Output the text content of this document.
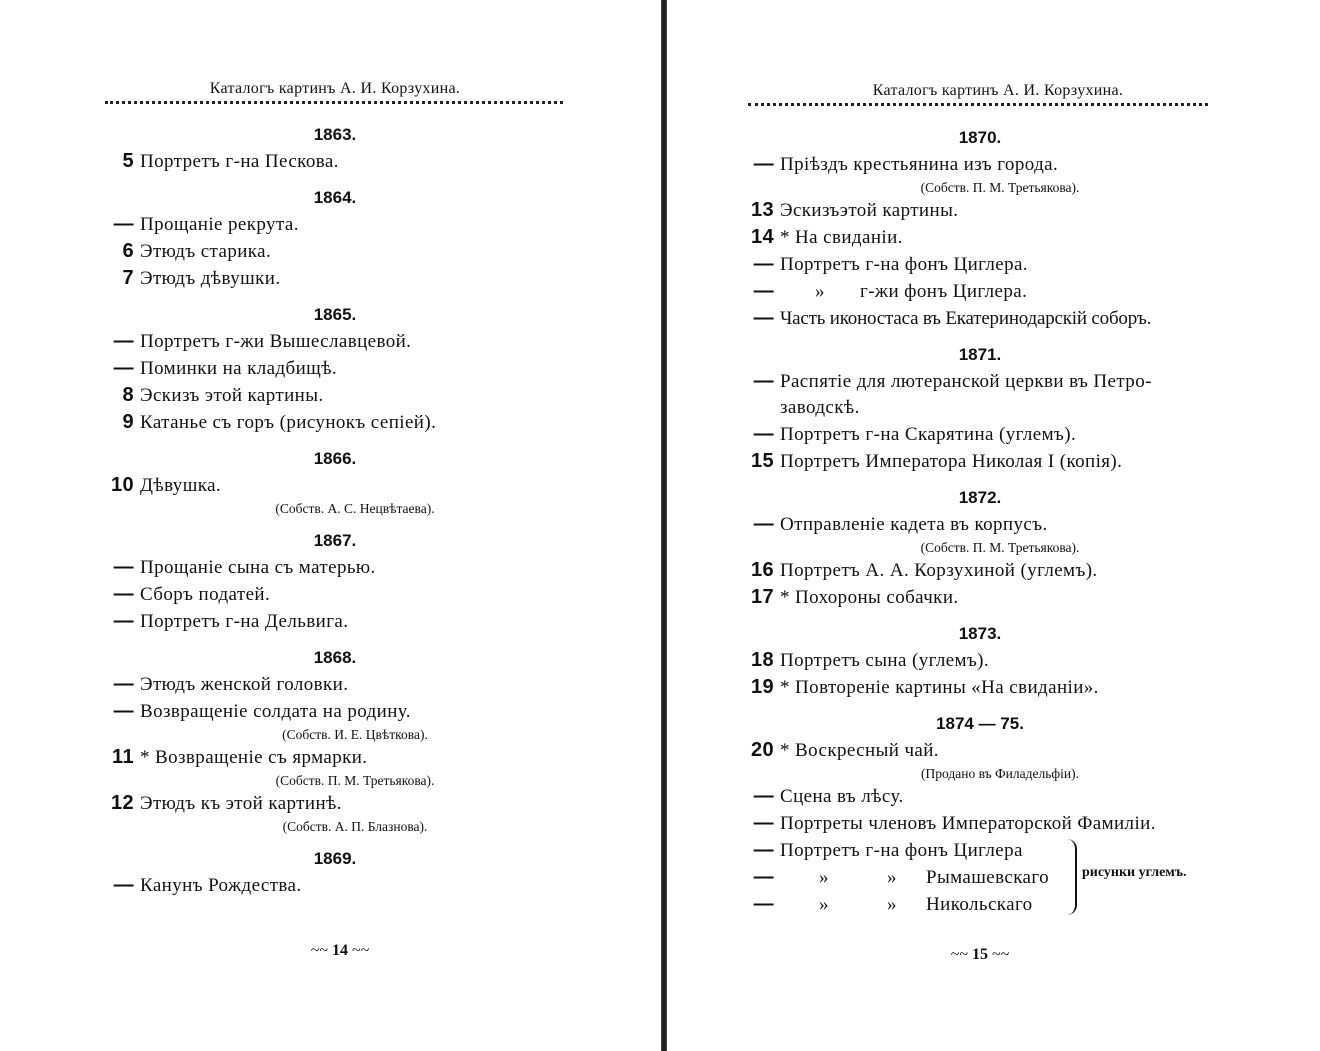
Каталогъ картинъ А. И. Корзухина.
1863.
5 Портретъ г-на Пескова.
1864.
— Прощаніе рекрута.
6 Этюдъ старика.
7 Этюдъ дѣвушки.
1865.
— Портретъ г-жи Вышеславцевой.
— Поминки на кладбищѣ.
8 Эскизъ этой картины.
9 Катанье съ горъ (рисунокъ сепіей).
1866.
10 Дѣвушка.
(Собств. А. С. Нецвѣтаева).
1867.
— Прощаніе сына съ матерью.
— Сборъ податей.
— Портретъ г-на Дельвига.
1868.
— Этюдъ женской головки.
— Возвращеніе солдата на родину.
(Собств. И. Е. Цвѣткова).
11 * Возвращеніе съ ярмарки.
(Собств. П. М. Третьякова).
12 Этюдъ къ этой картинѣ.
(Собств. А. П. Блазнова).
1869.
— Канунъ Рождества.
~~ 14 ~~
Каталогъ картинъ А. И. Корзухина.
1870.
— Пріѣздъ крестьянина изъ города.
(Собств. П. М. Третьякова).
13 Эскизъэтой картины.
14 * На свиданіи.
— Портретъ г-на фонъ Циглера.
—	» г-жи фонъ Циглера.
— Часть иконостаса въ Екатеринодарскій соборъ.
1871.
— Распятіе для лютеранской церкви въ Петро-
заводскѣ.
— Портретъ г-на Скарятина (углемъ).
15 Портретъ Императора Николая I (копія).
1872.
— Отправленіе кадета въ корпусъ.
(Собств. П. М. Третьякова).
16 Портретъ А. А. Корзухиной (углемъ).
17 * Похороны собачки.
1873.
18 Портретъ сына (углемъ).
19 * Повтореніе картины «На свиданіи».
1874 — 75.
20 * Воскресный чай.
(Продано въ Филадельфіи).
— Сцена въ лѣсу.
— Портреты членовъ Императорской Фамиліи.
— Портретъ г-на фонъ Циглера
—	»	» Рымашевскаго
—	»	» Никольскаго
рисунки углемъ.
~~ 15 ~~
